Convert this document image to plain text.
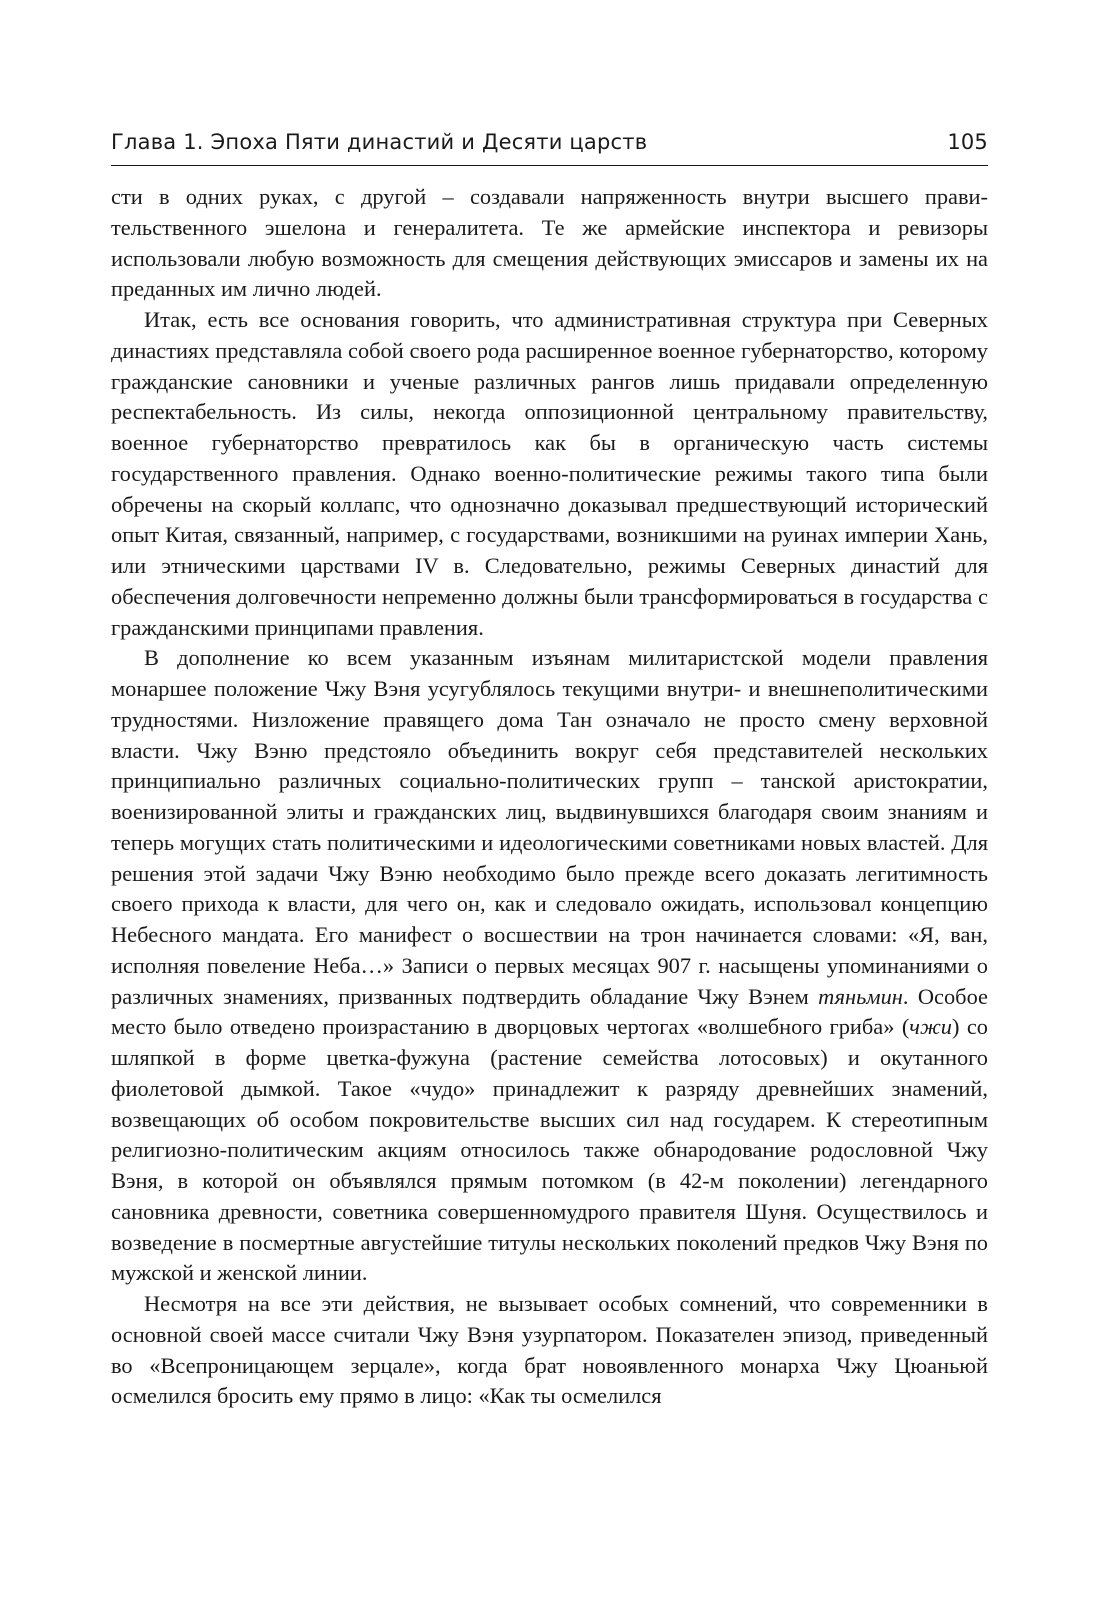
Глава 1. Эпоха Пяти династий и Десяти царств	105

сти в одних руках, с другой – создавали напряженность внутри высшего правительственного эшелона и генералитета. Те же армейские инспектора и ревизоры использовали любую возможность для смещения действующих эмиссаров и замены их на преданных им лично людей.

Итак, есть все основания говорить, что административная структура при Северных династиях представляла собой своего рода расширенное военное губернаторство, которому гражданские сановники и ученые различных рангов лишь придавали определенную респектабельность. Из силы, некогда оппозиционной центральному правительству, военное губернаторство превратилось как бы в органическую часть системы государственного правления. Однако военно-политические режимы такого типа были обречены на скорый коллапс, что однозначно доказывал предшествующий исторический опыт Китая, связанный, например, с государствами, возникшими на руинах империи Хань, или этническими царствами IV в. Следовательно, режимы Северных династий для обеспечения долговечности непременно должны были трансформироваться в государства с гражданскими принципами правления.

В дополнение ко всем указанным изъянам милитаристской модели правления монаршее положение Чжу Вэня усугублялось текущими внутри- и внешнеполитическими трудностями. Низложение правящего дома Тан означало не просто смену верховной власти. Чжу Вэню предстояло объединить вокруг себя представителей нескольких принципиально различных социально-политических групп – танской аристократии, военизированной элиты и гражданских лиц, выдвинувшихся благодаря своим знаниям и теперь могущих стать политическими и идеологическими советниками новых властей. Для решения этой задачи Чжу Вэню необходимо было прежде всего доказать легитимность своего прихода к власти, для чего он, как и следовало ожидать, использовал концепцию Небесного мандата. Его манифест о восшествии на трон начинается словами: «Я, ван, исполняя повеление Неба…» Записи о первых месяцах 907 г. насыщены упоминаниями о различных знамениях, призванных подтвердить обладание Чжу Вэнем тяньмин. Особое место было отведено произрастанию в дворцовых чертогах «волшебного гриба» (чжи) со шляпкой в форме цветка-фужуна (растение семейства лотосовых) и окутанного фиолетовой дымкой. Такое «чудо» принадлежит к разряду древнейших знамений, возвещающих об особом покровительстве высших сил над государем. К стереотипным религиозно-политическим акциям относилось также обнародование родословной Чжу Вэня, в которой он объявлялся прямым потомком (в 42-м поколении) легендарного сановника древности, советника совершенномудрого правителя Шуня. Осуществилось и возведение в посмертные августейшие титулы нескольких поколений предков Чжу Вэня по мужской и женской линии.

Несмотря на все эти действия, не вызывает особых сомнений, что современники в основной своей массе считали Чжу Вэня узурпатором. Показателен эпизод, приведенный во «Всепроницающем зерцале», когда брат новоявленного монарха Чжу Цюаньюй осмелился бросить ему прямо в лицо: «Как ты осмелился
